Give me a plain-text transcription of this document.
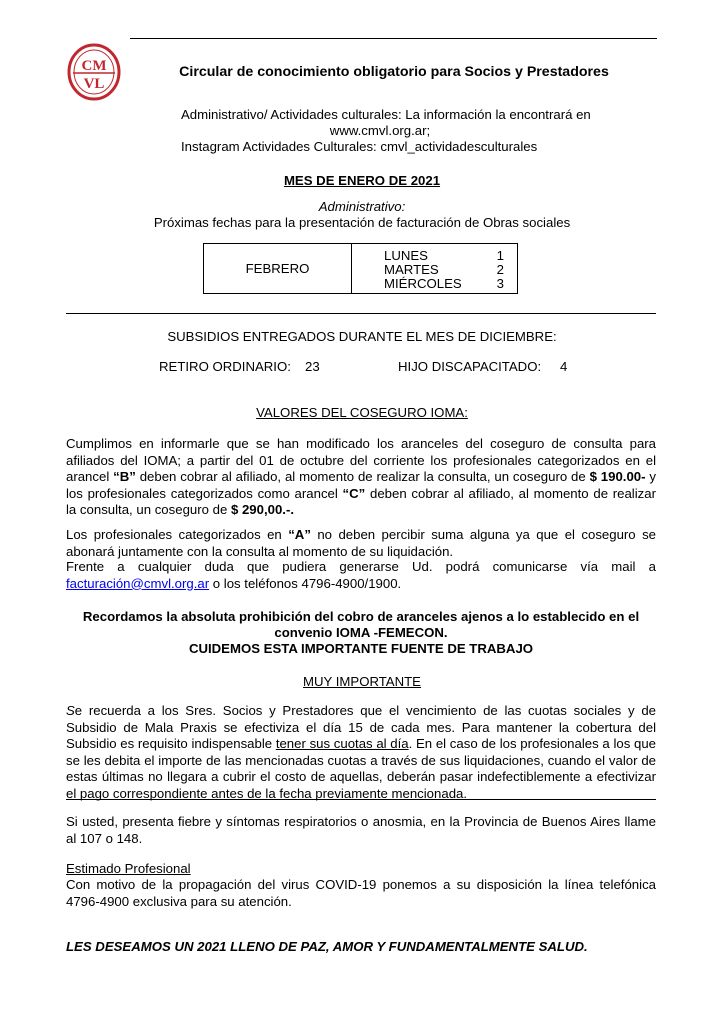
CM
VL
Circular de conocimiento obligatorio para Socios y Prestadores
Administrativo/ Actividades culturales: La información la encontrará en
www.cmvl.org.ar;
Instagram Actividades Culturales: cmvl_actividadesculturales
MES DE ENERO DE 2021
Administrativo:
Próximas fechas para la presentación de facturación de Obras sociales
FEBRERO
LUNES	1
MARTES	2
MIÉRCOLES	3
SUBSIDIOS ENTREGADOS DURANTE EL MES DE DICIEMBRE:
RETIRO ORDINARIO: 23	HIJO DISCAPACITADO: 4
VALORES DEL COSEGURO IOMA:
Cumplimos en informarle que se han modificado los aranceles del coseguro de consulta para afiliados del IOMA; a partir del 01 de octubre del corriente los profesionales categorizados en el arancel “B” deben cobrar al afiliado, al momento de realizar la consulta, un coseguro de $ 190.00- y los profesionales categorizados como arancel “C” deben cobrar al afiliado, al momento de realizar la consulta, un coseguro de $ 290,00.-.
Los profesionales categorizados en “A” no deben percibir suma alguna ya que el coseguro se abonará juntamente con la consulta al momento de su liquidación.
Frente a cualquier duda que pudiera generarse Ud. podrá comunicarse vía mail a facturación@cmvl.org.ar o los teléfonos 4796-4900/1900.
Recordamos la absoluta prohibición del cobro de aranceles ajenos a lo establecido en el
convenio IOMA -FEMECON.
CUIDEMOS ESTA IMPORTANTE FUENTE DE TRABAJO
MUY IMPORTANTE
Se recuerda a los Sres. Socios y Prestadores que el vencimiento de las cuotas sociales y de Subsidio de Mala Praxis se efectiviza el día 15 de cada mes. Para mantener la cobertura del Subsidio es requisito indispensable tener sus cuotas al día. En el caso de los profesionales a los que se les debita el importe de las mencionadas cuotas a través de sus liquidaciones, cuando el valor de estas últimas no llegara a cubrir el costo de aquellas, deberán pasar indefectiblemente a efectivizar el pago correspondiente antes de la fecha previamente mencionada.
Si usted, presenta fiebre y síntomas respiratorios o anosmia, en la Provincia de Buenos Aires llame al 107 o 148.
Estimado Profesional
Con motivo de la propagación del virus COVID-19 ponemos a su disposición la línea telefónica 4796-4900 exclusiva para su atención.
LES DESEAMOS UN 2021 LLENO DE PAZ, AMOR Y FUNDAMENTALMENTE SALUD.
